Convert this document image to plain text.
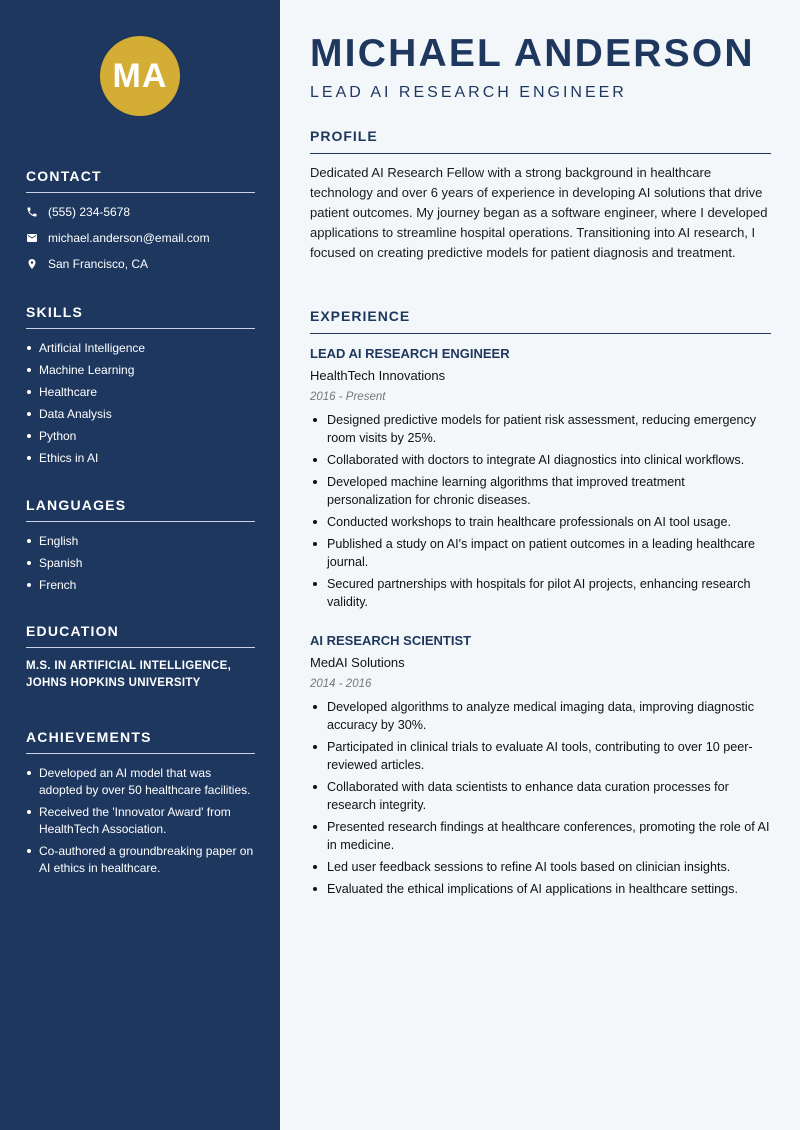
MA
CONTACT
(555) 234-5678
michael.anderson@email.com
San Francisco, CA
SKILLS
Artificial Intelligence
Machine Learning
Healthcare
Data Analysis
Python
Ethics in AI
LANGUAGES
English
Spanish
French
EDUCATION
M.S. IN ARTIFICIAL INTELLIGENCE,
JOHNS HOPKINS UNIVERSITY
ACHIEVEMENTS
Developed an AI model that was adopted by over 50 healthcare facilities.
Received the 'Innovator Award' from HealthTech Association.
Co-authored a groundbreaking paper on AI ethics in healthcare.
MICHAEL ANDERSON
LEAD AI RESEARCH ENGINEER
PROFILE
Dedicated AI Research Fellow with a strong background in healthcare technology and over 6 years of experience in developing AI solutions that drive patient outcomes. My journey began as a software engineer, where I developed applications to streamline hospital operations. Transitioning into AI research, I focused on creating predictive models for patient diagnosis and treatment.
EXPERIENCE
LEAD AI RESEARCH ENGINEER
HealthTech Innovations
2016 - Present
Designed predictive models for patient risk assessment, reducing emergency room visits by 25%.
Collaborated with doctors to integrate AI diagnostics into clinical workflows.
Developed machine learning algorithms that improved treatment personalization for chronic diseases.
Conducted workshops to train healthcare professionals on AI tool usage.
Published a study on AI's impact on patient outcomes in a leading healthcare journal.
Secured partnerships with hospitals for pilot AI projects, enhancing research validity.
AI RESEARCH SCIENTIST
MedAI Solutions
2014 - 2016
Developed algorithms to analyze medical imaging data, improving diagnostic accuracy by 30%.
Participated in clinical trials to evaluate AI tools, contributing to over 10 peer-reviewed articles.
Collaborated with data scientists to enhance data curation processes for research integrity.
Presented research findings at healthcare conferences, promoting the role of AI in medicine.
Led user feedback sessions to refine AI tools based on clinician insights.
Evaluated the ethical implications of AI applications in healthcare settings.
